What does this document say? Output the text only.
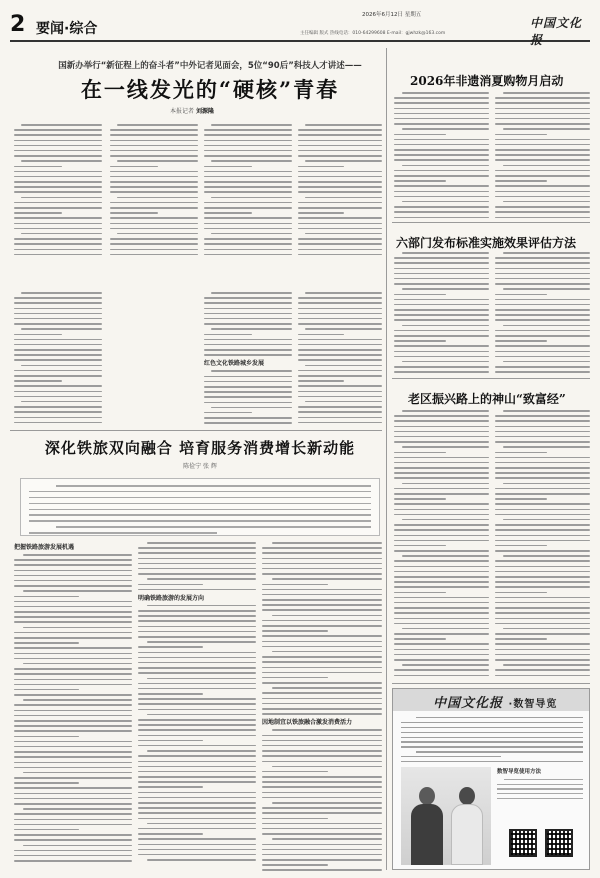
2 要闻·综合
2026年6月12日 星期五
主任编辑 版式 热线电话：010-64299608 E-mail：gjwhzk@163.com
中国文化报
国新办举行“新征程上的奋斗者”中外记者见面会，5位“90后”科技人才讲述——
在一线发光的“硬核”青春
本报记者 刘源隆
红色文化铁路城乡发展
2026年非遗消夏购物月启动
六部门发布标准实施效果评估方法
老区振兴路上的神山“致富经”
深化铁旅双向融合 培育服务消费增长新动能
陈俭宁 张 辉
把握铁路旅游发展机遇
明确铁路旅游的发展方向
因地制宜以铁旅融合激发消费活力
中国文化报 ·数智导览
数智导览使用方法
